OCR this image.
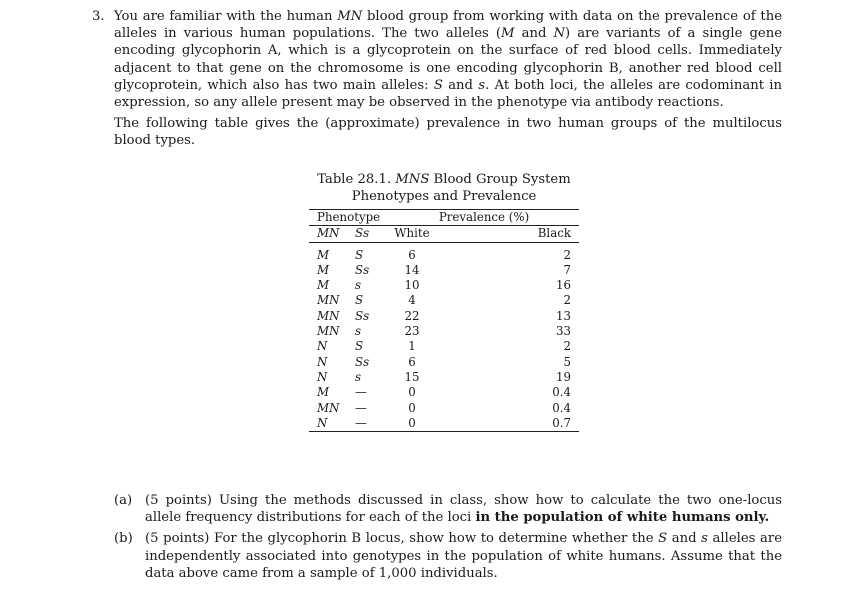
3. You are familiar with the human MN blood group from working with data on the prevalence of the alleles in various human populations. The two alleles (M and N) are variants of a single gene encoding glycophorin A, which is a glycoprotein on the surface of red blood cells. Immediately adjacent to that gene on the chromosome is one encoding glycophorin B, another red blood cell glycoprotein, which also has two main alleles: S and s. At both loci, the alleles are codominant in expression, so any allele present may be observed in the phenotype via antibody reactions.

The following table gives the (approximate) prevalence in two human groups of the multilocus blood types.

Table 28.1. MNS Blood Group System
Phenotypes and Prevalence
Phenotype		Prevalence (%)	
MN	Ss	White	Black
M	S	6	2
M	Ss	14	7
M	s	10	16
MN	S	4	2
MN	Ss	22	13
MN	s	23	33
N	S	1	2
N	Ss	6	5
N	s	15	19
M	—	0	0.4
MN	—	0	0.4
N	—	0	0.7
(a) (5 points) Using the methods discussed in class, show how to calculate the two one-locus allele frequency distributions for each of the loci in the population of white humans only.
(b) (5 points) For the glycophorin B locus, show how to determine whether the S and s alleles are independently associated into genotypes in the population of white humans. Assume that the data above came from a sample of 1,000 individuals.
